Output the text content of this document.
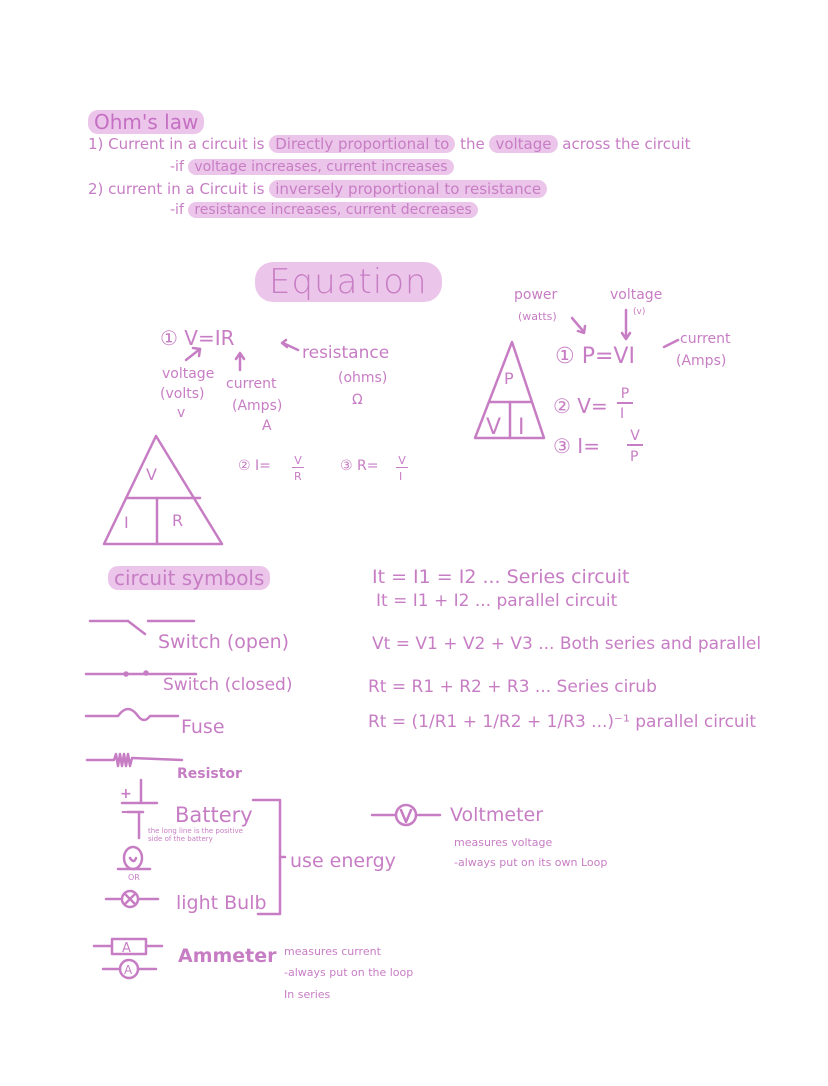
Ohm's law
1) Current in a circuit is Directly proportional to the voltage across the circuit
-if voltage increases, current increases
2) current in a Circuit is inversely proportional to resistance
-if resistance increases, current decreases
Equation
① V=IR
resistance
(ohms)
Ω
voltage
(volts)
v
current
(Amps)
A
V
I	R
② I= V
R
③ R= V
I
power
(watts)
voltage
(v)
current
(Amps)
① P=VI
② V= P
I
③ I= V
P
P
V I
circuit symbols
A
A
Switch (open)
Switch (closed)
Fuse
Resistor
+
- Battery
the long line is the positive side of the battery
OR
light Bulb
use energy
Ammeter measures current
-always put on the loop
In series
Voltmeter
measures voltage
-always put on its own Loop
It = I1 = I2 ... Series circuit
It = I1 + I2 ... parallel circuit
Vt = V1 + V2 + V3 ... Both series and parallel
Rt = R1 + R2 + R3 ... Series cirub
Rt = (1/R1 + 1/R2 + 1/R3 ...)⁻¹ parallel circuit
